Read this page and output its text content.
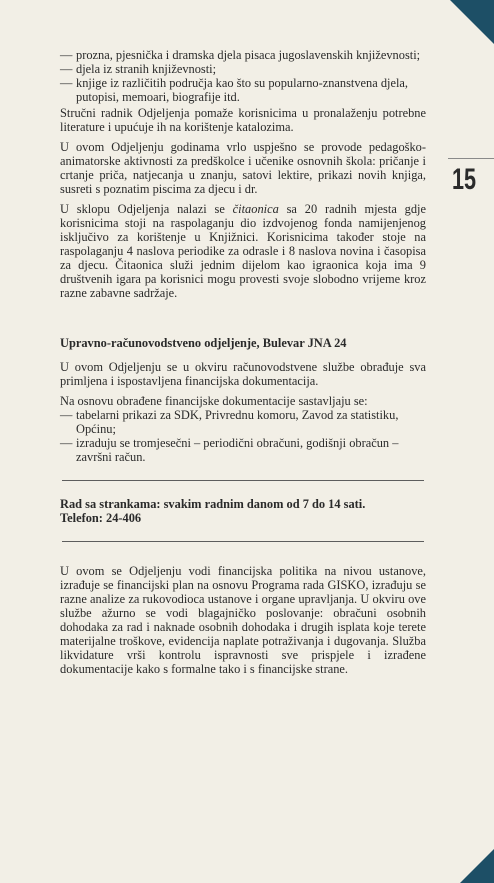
15
— prozna, pjesnička i dramska djela pisaca jugoslavenskih književnosti;
— djela iz stranih književnosti;
— knjige iz različitih područja kao što su popularno-znanstvena djela, putopisi, memoari, biografije itd.

Stručni radnik Odjeljenja pomaže korisnicima u pronalaženju potrebne literature i upućuje ih na korištenje katalozima.

U ovom Odjeljenju godinama vrlo uspješno se provode pedagoško-animatorske aktivnosti za predškolce i učenike osnovnih škola: pričanje i crtanje priča, natjecanja u znanju, satovi lektire, prikazi novih knjiga, susreti s poznatim piscima za djecu i dr.

U sklopu Odjeljenja nalazi se čitaonica sa 20 radnih mjesta gdje korisnicima stoji na raspolaganju dio izdvojenog fonda namijenjenog isključivo za korištenje u Knjižnici. Korisnicima također stoje na raspolaganju 4 naslova periodike za odrasle i 8 naslova novina i časopisa za djecu. Čitaonica služi jednim dijelom kao igraonica koja ima 9 društvenih igara pa korisnici mogu provesti svoje slobodno vrijeme kroz razne zabavne sadržaje.

Upravno-računovodstveno odjeljenje, Bulevar JNA 24

U ovom Odjeljenju se u okviru računovodstvene službe obrađuje sva primljena i ispostavljena financijska dokumentacija.

Na osnovu obrađene financijske dokumentacije sastavljaju se:

— tabelarni prikazi za SDK, Privrednu komoru, Zavod za statistiku, Općinu;
— izraduju se tromjesečni – periodični obračuni, godišnji obračun – završni račun.

Rad sa strankama: svakim radnim danom od 7 do 14 sati.

Telefon: 24-406

U ovom se Odjeljenju vodi financijska politika na nivou ustanove, izrađuje se financijski plan na osnovu Programa rada GISKO, izrađuju se razne analize za rukovodioca ustanove i organe upravljanja. U okviru ove službe ažurno se vodi blagajničko poslovanje: obračuni osobnih dohodaka za rad i naknade osobnih dohodaka i drugih isplata koje terete materijalne troškove, evidencija naplate potraživanja i dugovanja. Služba likvidature vrši kontrolu ispravnosti sve prispjele i izrađene dokumentacije kako s formalne tako i s financijske strane.
